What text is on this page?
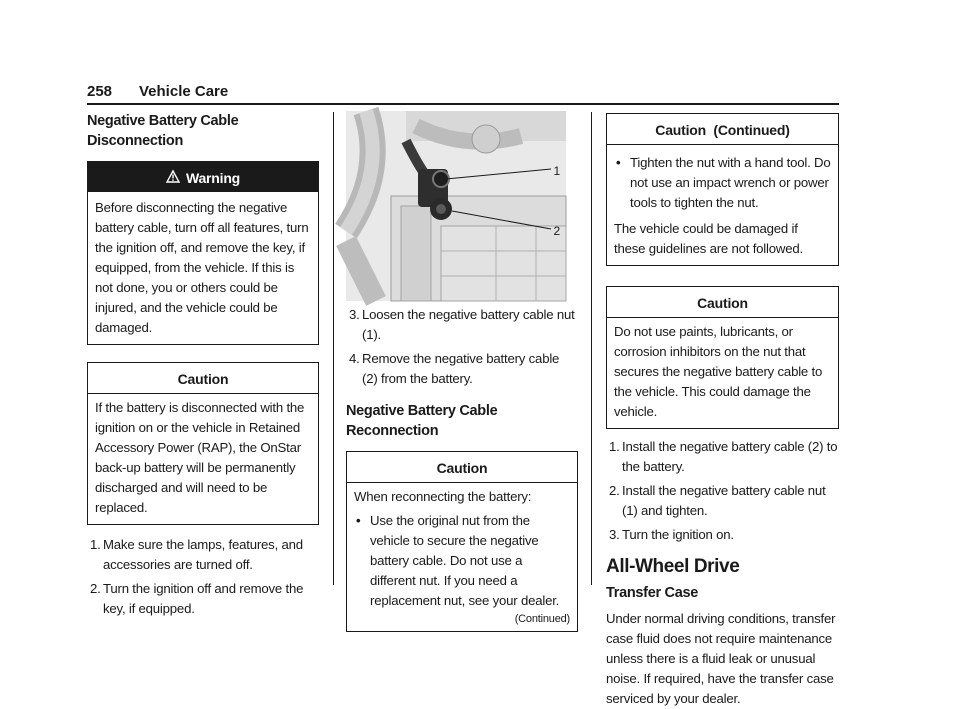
258 Vehicle Care
Negative Battery Cable Disconnection
Warning
Before disconnecting the negative battery cable, turn off all features, turn the ignition off, and remove the key, if equipped, from the vehicle. If this is not done, you or others could be injured, and the vehicle could be damaged.
Caution
If the battery is disconnected with the ignition on or the vehicle in Retained Accessory Power (RAP), the OnStar back-up battery will be permanently discharged and will need to be replaced.
1. Make sure the lamps, features, and accessories are turned off.
2. Turn the ignition off and remove the key, if equipped.
1
2
3. Loosen the negative battery cable nut (1).
4. Remove the negative battery cable (2) from the battery.
Negative Battery Cable Reconnection
Caution
When reconnecting the battery:
• Use the original nut from the vehicle to secure the negative battery cable. Do not use a different nut. If you need a replacement nut, see your dealer.
(Continued)
Caution  (Continued)
• Tighten the nut with a hand tool. Do not use an impact wrench or power tools to tighten the nut.
The vehicle could be damaged if these guidelines are not followed.
Caution
Do not use paints, lubricants, or corrosion inhibitors on the nut that secures the negative battery cable to the vehicle. This could damage the vehicle.
1. Install the negative battery cable (2) to the battery.
2. Install the negative battery cable nut (1) and tighten.
3. Turn the ignition on.
All-Wheel Drive
Transfer Case

Under normal driving conditions, transfer case fluid does not require maintenance unless there is a fluid leak or unusual noise. If required, have the transfer case serviced by your dealer.
